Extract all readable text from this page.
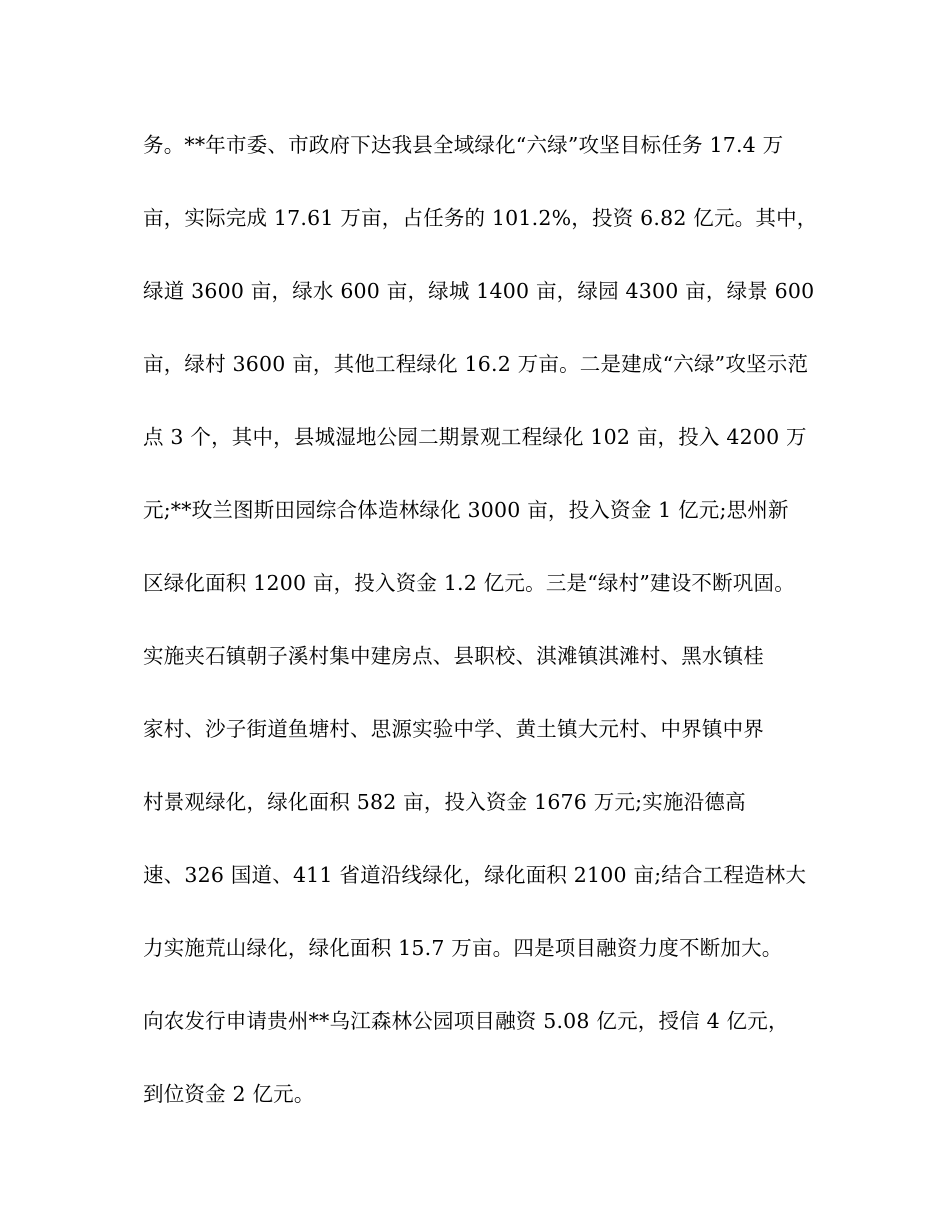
务。**年市委、市政府下达我县全域绿化“六绿”攻坚目标任务 17.4 万
亩，实际完成 17.61 万亩，占任务的 101.2%，投资 6.82 亿元。其中，
绿道 3600 亩，绿水 600 亩，绿城 1400 亩，绿园 4300 亩，绿景 600
亩，绿村 3600 亩，其他工程绿化 16.2 万亩。二是建成“六绿”攻坚示范
点 3 个，其中，县城湿地公园二期景观工程绿化 102 亩，投入 4200 万
元;**玫兰图斯田园综合体造林绿化 3000 亩，投入资金 1 亿元;思州新
区绿化面积 1200 亩，投入资金 1.2 亿元。三是“绿村”建设不断巩固。
实施夹石镇朝子溪村集中建房点、县职校、淇滩镇淇滩村、黑水镇桂
家村、沙子街道鱼塘村、思源实验中学、黄土镇大元村、中界镇中界
村景观绿化，绿化面积 582 亩，投入资金 1676 万元;实施沿德高
速、326 国道、411 省道沿线绿化，绿化面积 2100 亩;结合工程造林大
力实施荒山绿化，绿化面积 15.7 万亩。四是项目融资力度不断加大。
向农发行申请贵州**乌江森林公园项目融资 5.08 亿元，授信 4 亿元，
到位资金 2 亿元。
